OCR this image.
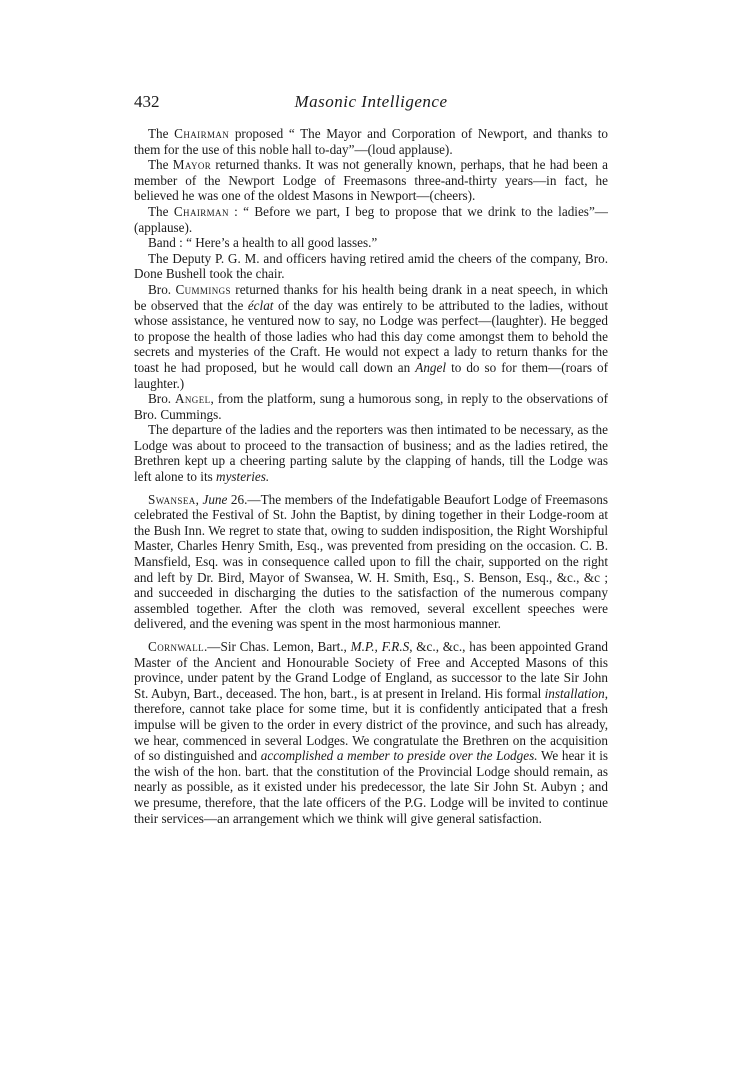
432	Masonic Intelligence

The Chairman proposed “ The Mayor and Corporation of Newport, and thanks to them for the use of this noble hall to-day”—(loud applause).

The Mayor returned thanks. It was not generally known, perhaps, that he had been a member of the Newport Lodge of Freemasons three-and-thirty years—in fact, he believed he was one of the oldest Masons in Newport—(cheers).

The Chairman : “ Before we part, I beg to propose that we drink to the ladies”—(applause).

Band : “ Here’s a health to all good lasses.”

The Deputy P. G. M. and officers having retired amid the cheers of the company, Bro. Done Bushell took the chair.

Bro. Cummings returned thanks for his health being drank in a neat speech, in which be observed that the éclat of the day was entirely to be attributed to the ladies, without whose assistance, he ventured now to say, no Lodge was perfect—(laughter). He begged to propose the health of those ladies who had this day come amongst them to behold the secrets and mysteries of the Craft. He would not expect a lady to return thanks for the toast he had proposed, but he would call down an Angel to do so for them—(roars of laughter.)

Bro. Angel, from the platform, sung a humorous song, in reply to the observations of Bro. Cummings.

The departure of the ladies and the reporters was then intimated to be necessary, as the Lodge was about to proceed to the transaction of business; and as the ladies retired, the Brethren kept up a cheering parting salute by the clapping of hands, till the Lodge was left alone to its mysteries.

Swansea, June 26.—The members of the Indefatigable Beaufort Lodge of Freemasons celebrated the Festival of St. John the Baptist, by dining together in their Lodge-room at the Bush Inn. We regret to state that, owing to sudden indisposition, the Right Worshipful Master, Charles Henry Smith, Esq., was prevented from presiding on the occasion. C. B. Mansfield, Esq. was in consequence called upon to fill the chair, supported on the right and left by Dr. Bird, Mayor of Swansea, W. H. Smith, Esq., S. Benson, Esq., &c., &c ; and succeeded in discharging the duties to the satisfaction of the numerous company assembled together. After the cloth was removed, several excellent speeches were delivered, and the evening was spent in the most harmonious manner.

Cornwall.—Sir Chas. Lemon, Bart., M.P., F.R.S, &c., &c., has been appointed Grand Master of the Ancient and Honourable Society of Free and Accepted Masons of this province, under patent by the Grand Lodge of England, as successor to the late Sir John St. Aubyn, Bart., deceased. The hon, bart., is at present in Ireland. His formal installation, therefore, cannot take place for some time, but it is confidently anticipated that a fresh impulse will be given to the order in every district of the province, and such has already, we hear, commenced in several Lodges. We congratulate the Brethren on the acquisition of so distinguished and accomplished a member to preside over the Lodges. We hear it is the wish of the hon. bart. that the constitution of the Provincial Lodge should remain, as nearly as possible, as it existed under his predecessor, the late Sir John St. Aubyn ; and we presume, therefore, that the late officers of the P.G. Lodge will be invited to continue their services—an arrangement which we think will give general satisfaction.
